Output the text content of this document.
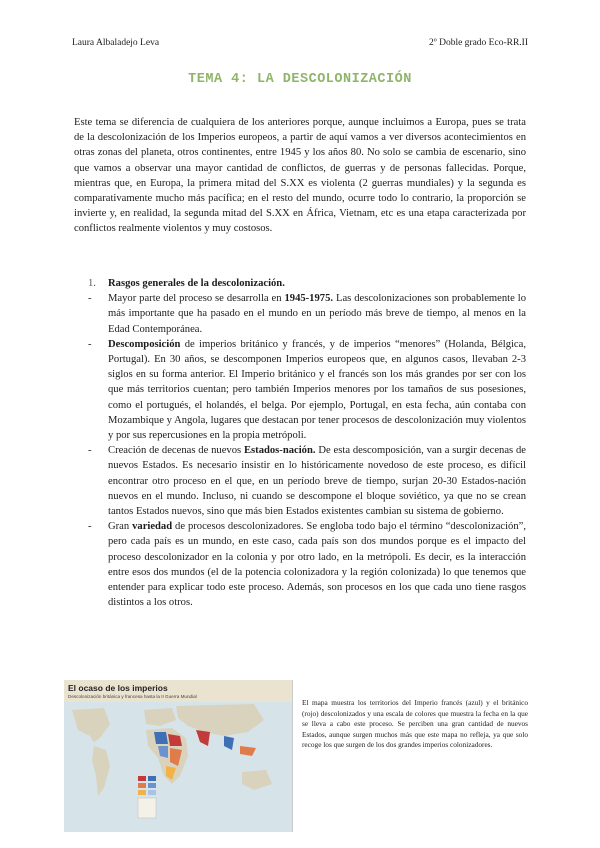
Laura Albaladejo Leva	2º Doble grado Eco-RR.II
TEMA 4: LA DESCOLONIZACIÓN

Este tema se diferencia de cualquiera de los anteriores porque, aunque incluimos a Europa, pues se trata de la descolonización de los Imperios europeos, a partir de aquí vamos a ver diversos acontecimientos en otras zonas del planeta, otros continentes, entre 1945 y los años 80. No solo se cambia de escenario, sino que vamos a observar una mayor cantidad de conflictos, de guerras y de personas fallecidas. Porque, mientras que, en Europa, la primera mitad del S.XX es violenta (2 guerras mundiales) y la segunda es comparativamente mucho más pacífica; en el resto del mundo, ocurre todo lo contrario, la proporción se invierte y, en realidad, la segunda mitad del S.XX en África, Vietnam, etc es una etapa caracterizada por conflictos realmente violentos y muy costosos.

1.	Rasgos generales de la descolonización.
-	Mayor parte del proceso se desarrolla en 1945-1975. Las descolonizaciones son probablemente lo más importante que ha pasado en el mundo en un período más breve de tiempo, al menos en la Edad Contemporánea.
-	Descomposición de imperios británico y francés, y de imperios “menores” (Holanda, Bélgica, Portugal). En 30 años, se descomponen Imperios europeos que, en algunos casos, llevaban 2-3 siglos en su forma anterior. El Imperio británico y el francés son los más grandes por ser con los que más territorios cuentan; pero también Imperios menores por los tamaños de sus posesiones, como el portugués, el holandés, el belga. Por ejemplo, Portugal, en esta fecha, aún contaba con Mozambique y Angola, lugares que destacan por tener procesos de descolonización muy violentos y por sus repercusiones en la propia metrópoli.
-	Creación de decenas de nuevos Estados-nación. De esta descomposición, van a surgir decenas de nuevos Estados. Es necesario insistir en lo históricamente novedoso de este proceso, es difícil encontrar otro proceso en el que, en un período breve de tiempo, surjan 20-30 Estados-nación nuevos en el mundo. Incluso, ni cuando se descompone el bloque soviético, ya que no se crean tantos Estados nuevos, sino que más bien Estados existentes cambian su sistema de gobierno.
-	Gran variedad de procesos descolonizadores. Se engloba todo bajo el término “descolonización”, pero cada país es un mundo, en este caso, cada país son dos mundos porque es el impacto del proceso descolonizador en la colonia y por otro lado, en la metrópoli. Es decir, es la interacción entre esos dos mundos (el de la potencia colonizadora y la región colonizada) lo que tenemos que entender para explicar todo este proceso. Además, son procesos en los que cada uno tiene rasgos distintos a los otros.
El ocaso de los imperios
Descolonización británica y francesa hasta la II Guerra Mundial

El mapa muestra los territorios del Imperio francés (azul) y el británico (rojo) descolonizados y una escala de colores que muestra la fecha en la que se lleva a cabo este proceso. Se perciben una gran cantidad de nuevos Estados, aunque surgen muchos más que este mapa no refleja, ya que solo recoge los que surgen de los dos grandes imperios colonizadores.
